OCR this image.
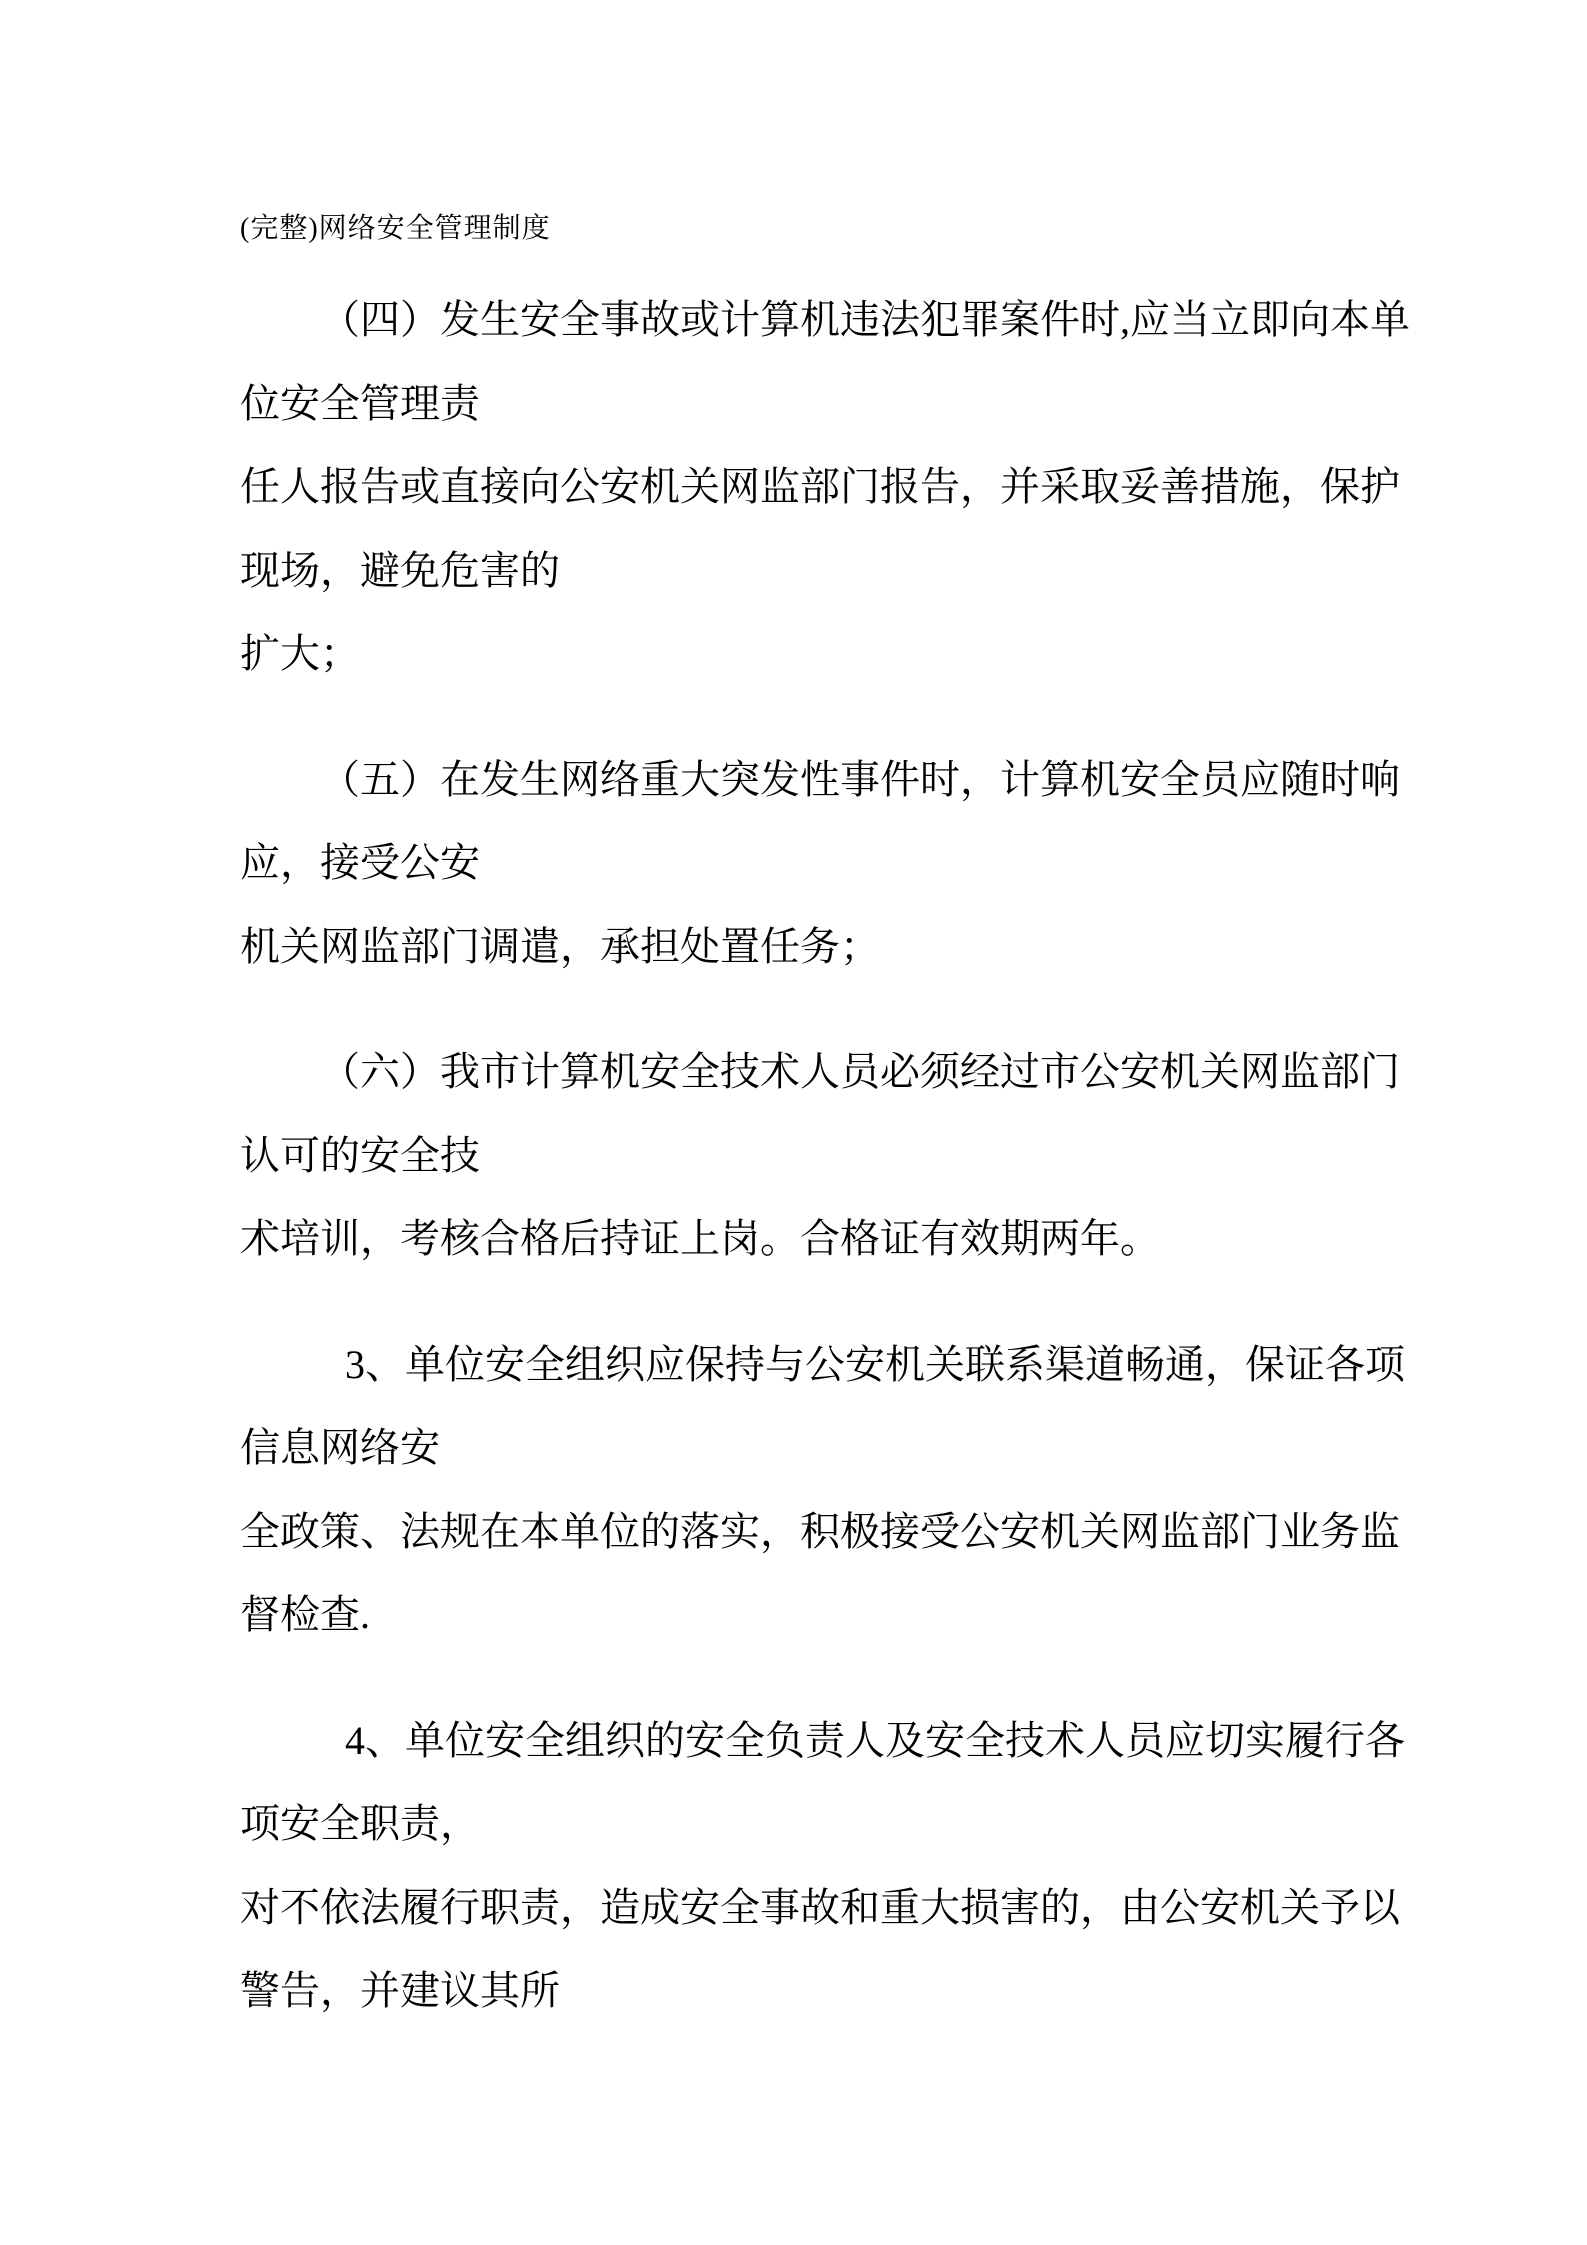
(完整)网络安全管理制度
（四）发生安全事故或计算机违法犯罪案件时,应当立即向本单
位安全管理责
任人报告或直接向公安机关网监部门报告，并采取妥善措施，保护
现场，避免危害的
扩大；
（五）在发生网络重大突发性事件时，计算机安全员应随时响
应，接受公安
机关网监部门调遣，承担处置任务；
（六）我市计算机安全技术人员必须经过市公安机关网监部门
认可的安全技
术培训，考核合格后持证上岗。合格证有效期两年。
3、单位安全组织应保持与公安机关联系渠道畅通，保证各项
信息网络安
全政策、法规在本单位的落实，积极接受公安机关网监部门业务监
督检查.
4、单位安全组织的安全负责人及安全技术人员应切实履行各
项安全职责，
对不依法履行职责，造成安全事故和重大损害的，由公安机关予以
警告，并建议其所
